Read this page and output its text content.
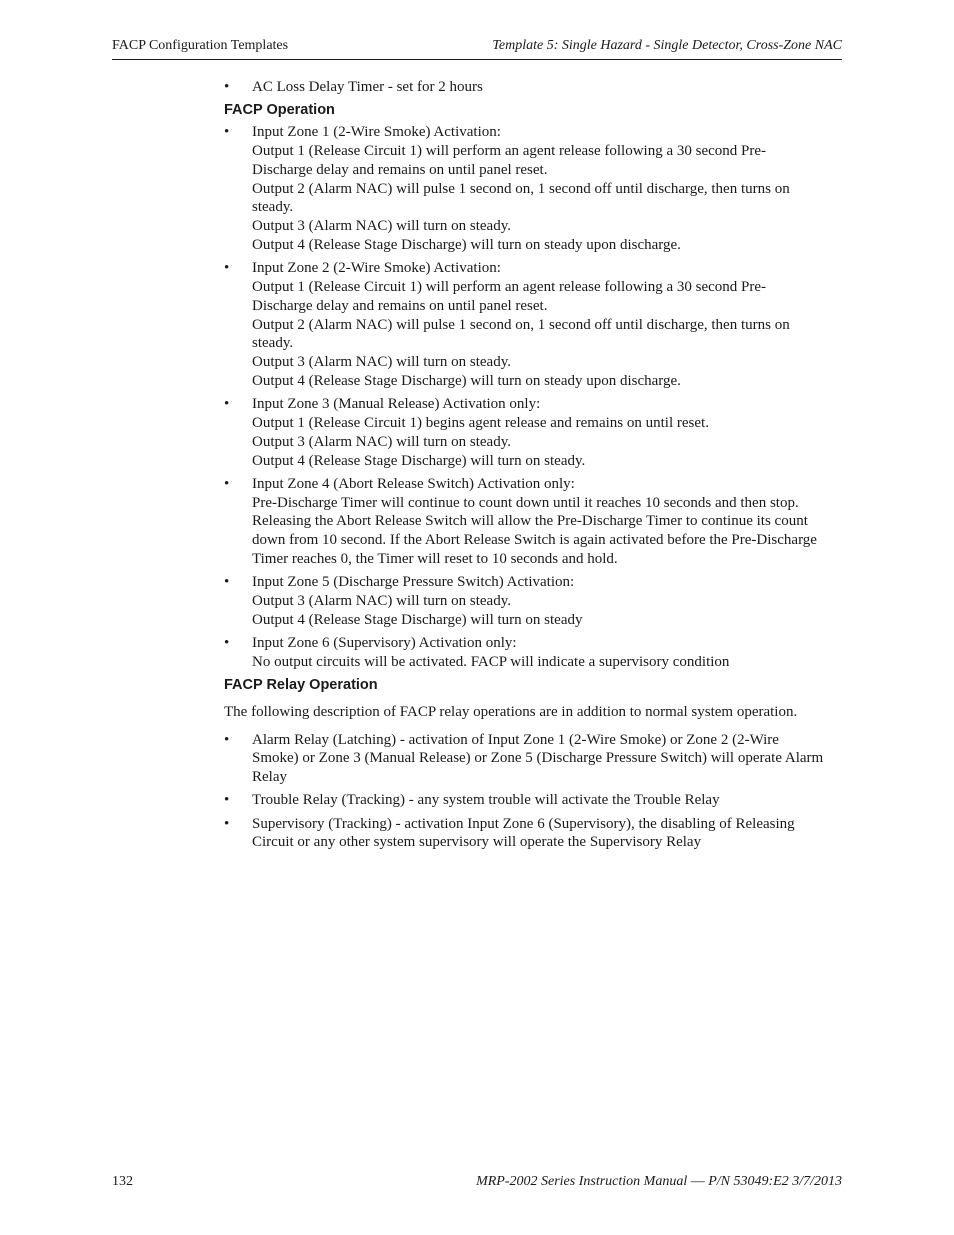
FACP Configuration Templates	Template 5: Single Hazard - Single Detector, Cross-Zone NAC
• AC Loss Delay Timer - set for 2 hours
FACP Operation
• Input Zone 1 (2-Wire Smoke) Activation:
Output 1 (Release Circuit 1) will perform an agent release following a 30 second Pre-
Discharge delay and remains on until panel reset.
Output 2 (Alarm NAC) will pulse 1 second on, 1 second off until discharge, then turns on
steady.
Output 3 (Alarm NAC) will turn on steady.
Output 4 (Release Stage Discharge) will turn on steady upon discharge.
• Input Zone 2 (2-Wire Smoke) Activation:
Output 1 (Release Circuit 1) will perform an agent release following a 30 second Pre-
Discharge delay and remains on until panel reset.
Output 2 (Alarm NAC) will pulse 1 second on, 1 second off until discharge, then turns on
steady.
Output 3 (Alarm NAC) will turn on steady.
Output 4 (Release Stage Discharge) will turn on steady upon discharge.
• Input Zone 3 (Manual Release) Activation only:
Output 1 (Release Circuit 1) begins agent release and remains on until reset.
Output 3 (Alarm NAC) will turn on steady.
Output 4 (Release Stage Discharge) will turn on steady.
• Input Zone 4 (Abort Release Switch) Activation only:
Pre-Discharge Timer will continue to count down until it reaches 10 seconds and then stop.
Releasing the Abort Release Switch will allow the Pre-Discharge Timer to continue its count
down from 10 second. If the Abort Release Switch is again activated before the Pre-Discharge
Timer reaches 0, the Timer will reset to 10 seconds and hold.
• Input Zone 5 (Discharge Pressure Switch) Activation:
Output 3 (Alarm NAC) will turn on steady.
Output 4 (Release Stage Discharge) will turn on steady
• Input Zone 6 (Supervisory) Activation only:
No output circuits will be activated. FACP will indicate a supervisory condition
FACP Relay Operation
The following description of FACP relay operations are in addition to normal system operation.
• Alarm Relay (Latching) - activation of Input Zone 1 (2-Wire Smoke) or Zone 2 (2-Wire
Smoke) or Zone 3 (Manual Release) or Zone 5 (Discharge Pressure Switch) will operate Alarm
Relay
• Trouble Relay (Tracking) - any system trouble will activate the Trouble Relay
• Supervisory (Tracking) - activation Input Zone 6 (Supervisory), the disabling of Releasing
Circuit or any other system supervisory will operate the Supervisory Relay
132	MRP-2002 Series Instruction Manual — P/N 53049:E2 3/7/2013
